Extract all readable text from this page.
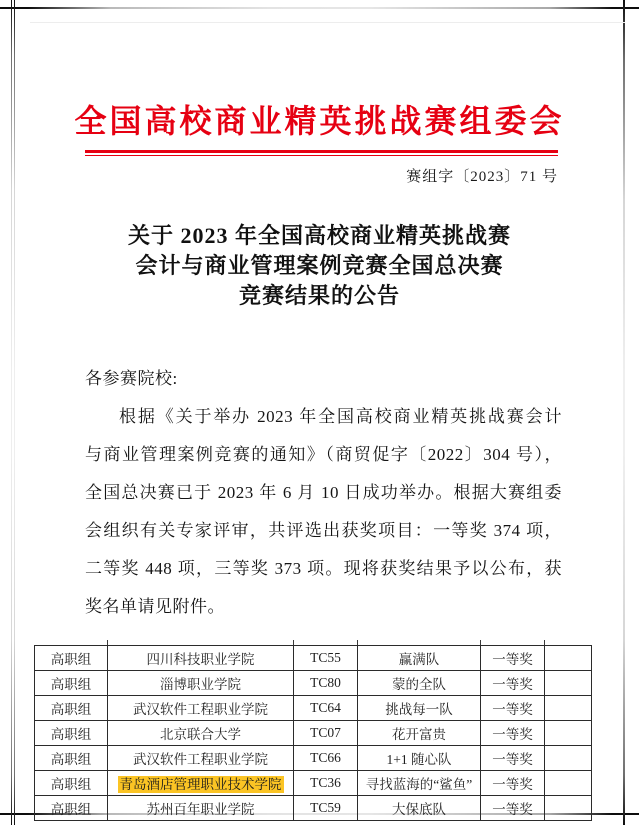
全国高校商业精英挑战赛组委会
赛组字〔2023〕71 号
关于 2023 年全国高校商业精英挑战赛
会计与商业管理案例竞赛全国总决赛
竞赛结果的公告
各参赛院校:
根据《关于举办 2023 年全国高校商业精英挑战赛会计
与商业管理案例竞赛的通知》（商贸促字〔2022〕304 号），
全国总决赛已于 2023 年 6 月 10 日成功举办。根据大赛组委
会组织有关专家评审，共评选出获奖项目：一等奖 374 项，
二等奖 448 项，三等奖 373 项。现将获奖结果予以公布，获
奖名单请见附件。
高职组	四川科技职业学院	TC55	赢满队	一等奖	
高职组	淄博职业学院	TC80	蒙的全队	一等奖	
高职组	武汉软件工程职业学院	TC64	挑战每一队	一等奖	
高职组	北京联合大学	TC07	花开富贵	一等奖	
高职组	武汉软件工程职业学院	TC66	1+1 随心队	一等奖	
高职组	青岛酒店管理职业技术学院	TC36	寻找蓝海的“鲨鱼”	一等奖	
高职组	苏州百年职业学院	TC59	大保底队	一等奖	
